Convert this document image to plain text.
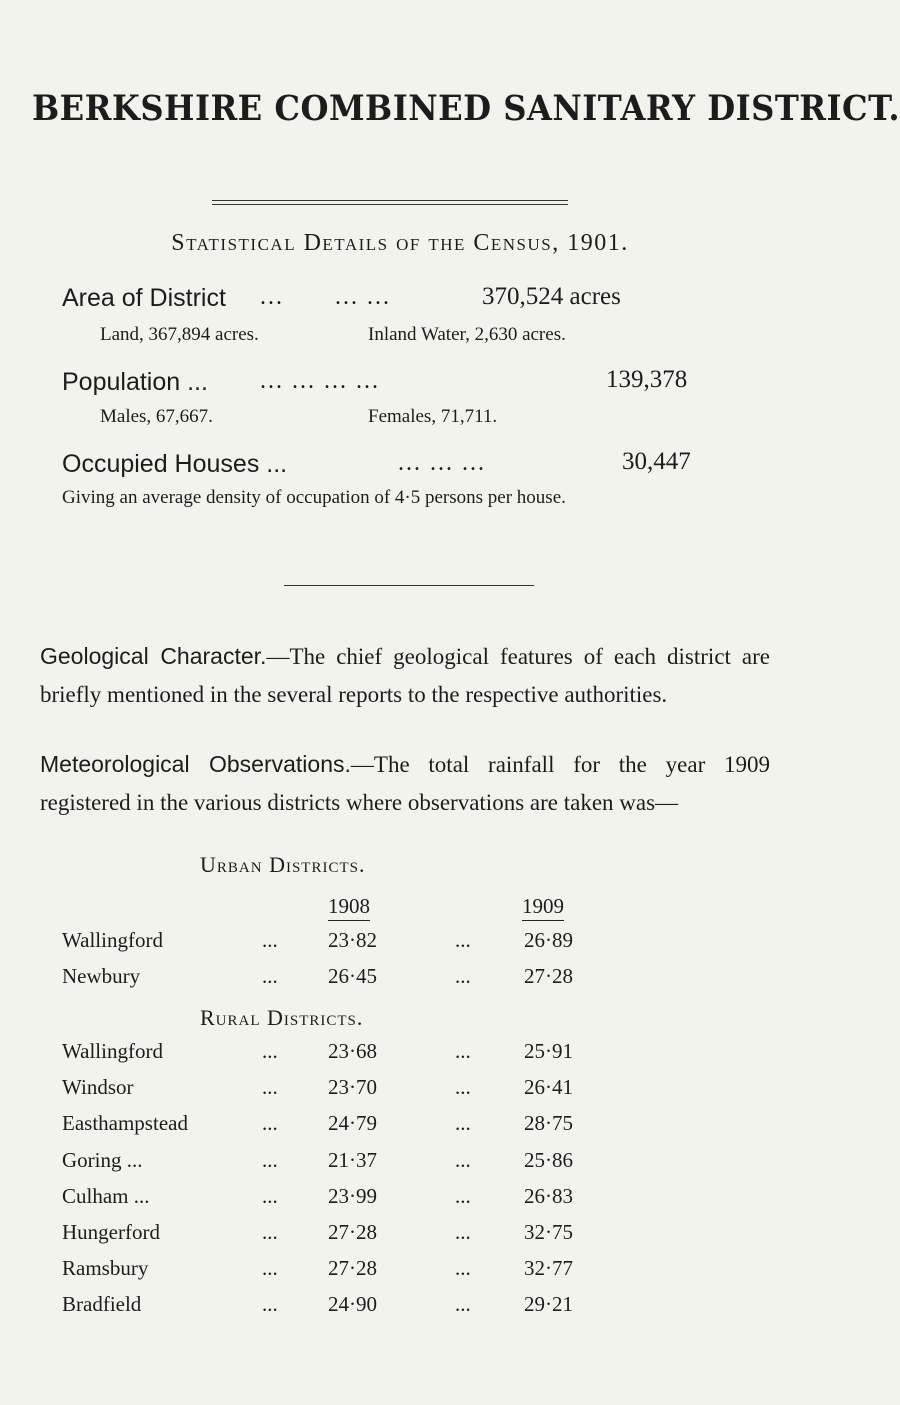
BERKSHIRE COMBINED SANITARY DISTRICT.
Statistical Details of the Census, 1901.
Area of District ... ... ...	370,524 acres
Land, 367,894 acres.	Inland Water, 2,630 acres.
Population ... ... ... ... ...	139,378
Males, 67,667.	Females, 71,711.
Occupied Houses ...	... ... ...	30,447
Giving an average density of occupation of 4·5 persons per house.
Geological Character.—The chief geological features of each district are briefly mentioned in the several reports to the respective authorities.
Meteorological Observations.—The total rainfall for the year 1909 registered in the various districts where observations are taken was—
Urban Districts.
1908	1909
Wallingford	... 23·82	...	26·89
Newbury	... 26·45	...	27·28
Rural Districts.
Wallingford	... 23·68	...	25·91
Windsor	... 23·70	...	26·41
Easthampstead	... 24·79	...	28·75
Goring ...	... 21·37	...	25·86
Culham ...	... 23·99	...	26·83
Hungerford	... 27·28	...	32·75
Ramsbury	... 27·28	...	32·77
Bradfield	... 24·90	...	29·21
